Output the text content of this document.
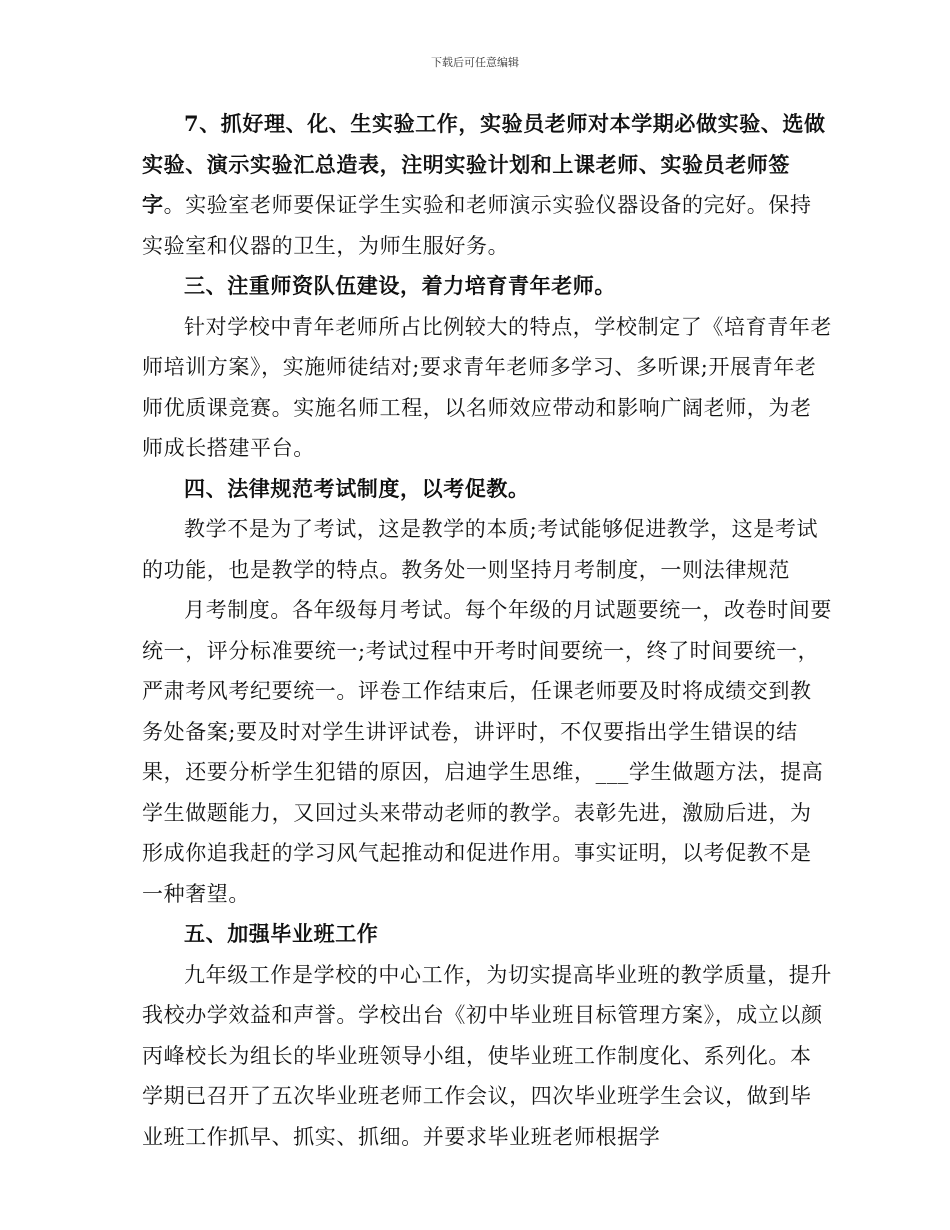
下载后可任意编辑

7、抓好理、化、生实验工作，实验员老师对本学期必做实验、选做实验、演示实验汇总造表，注明实验计划和上课老师、实验员老师签字。实验室老师要保证学生实验和老师演示实验仪器设备的完好。保持实验室和仪器的卫生，为师生服好务。

三、注重师资队伍建设，着力培育青年老师。

针对学校中青年老师所占比例较大的特点，学校制定了《培育青年老师培训方案》，实施师徒结对;要求青年老师多学习、多听课;开展青年老师优质课竞赛。实施名师工程，以名师效应带动和影响广阔老师，为老师成长搭建平台。

四、法律规范考试制度，以考促教。

教学不是为了考试，这是教学的本质;考试能够促进教学，这是考试的功能，也是教学的特点。教务处一则坚持月考制度，一则法律规范

月考制度。各年级每月考试。每个年级的月试题要统一，改卷时间要统一，评分标准要统一;考试过程中开考时间要统一，终了时间要统一，严肃考风考纪要统一。评卷工作结束后，任课老师要及时将成绩交到教务处备案;要及时对学生讲评试卷，讲评时，不仅要指出学生错误的结果，还要分析学生犯错的原因，启迪学生思维，___学生做题方法，提高学生做题能力，又回过头来带动老师的教学。表彰先进，激励后进，为形成你追我赶的学习风气起推动和促进作用。事实证明，以考促教不是一种奢望。

五、加强毕业班工作

九年级工作是学校的中心工作，为切实提高毕业班的教学质量，提升我校办学效益和声誉。学校出台《初中毕业班目标管理方案》，成立以颜丙峰校长为组长的毕业班领导小组，使毕业班工作制度化、系列化。本学期已召开了五次毕业班老师工作会议，四次毕业班学生会议，做到毕业班工作抓早、抓实、抓细。并要求毕业班老师根据学
